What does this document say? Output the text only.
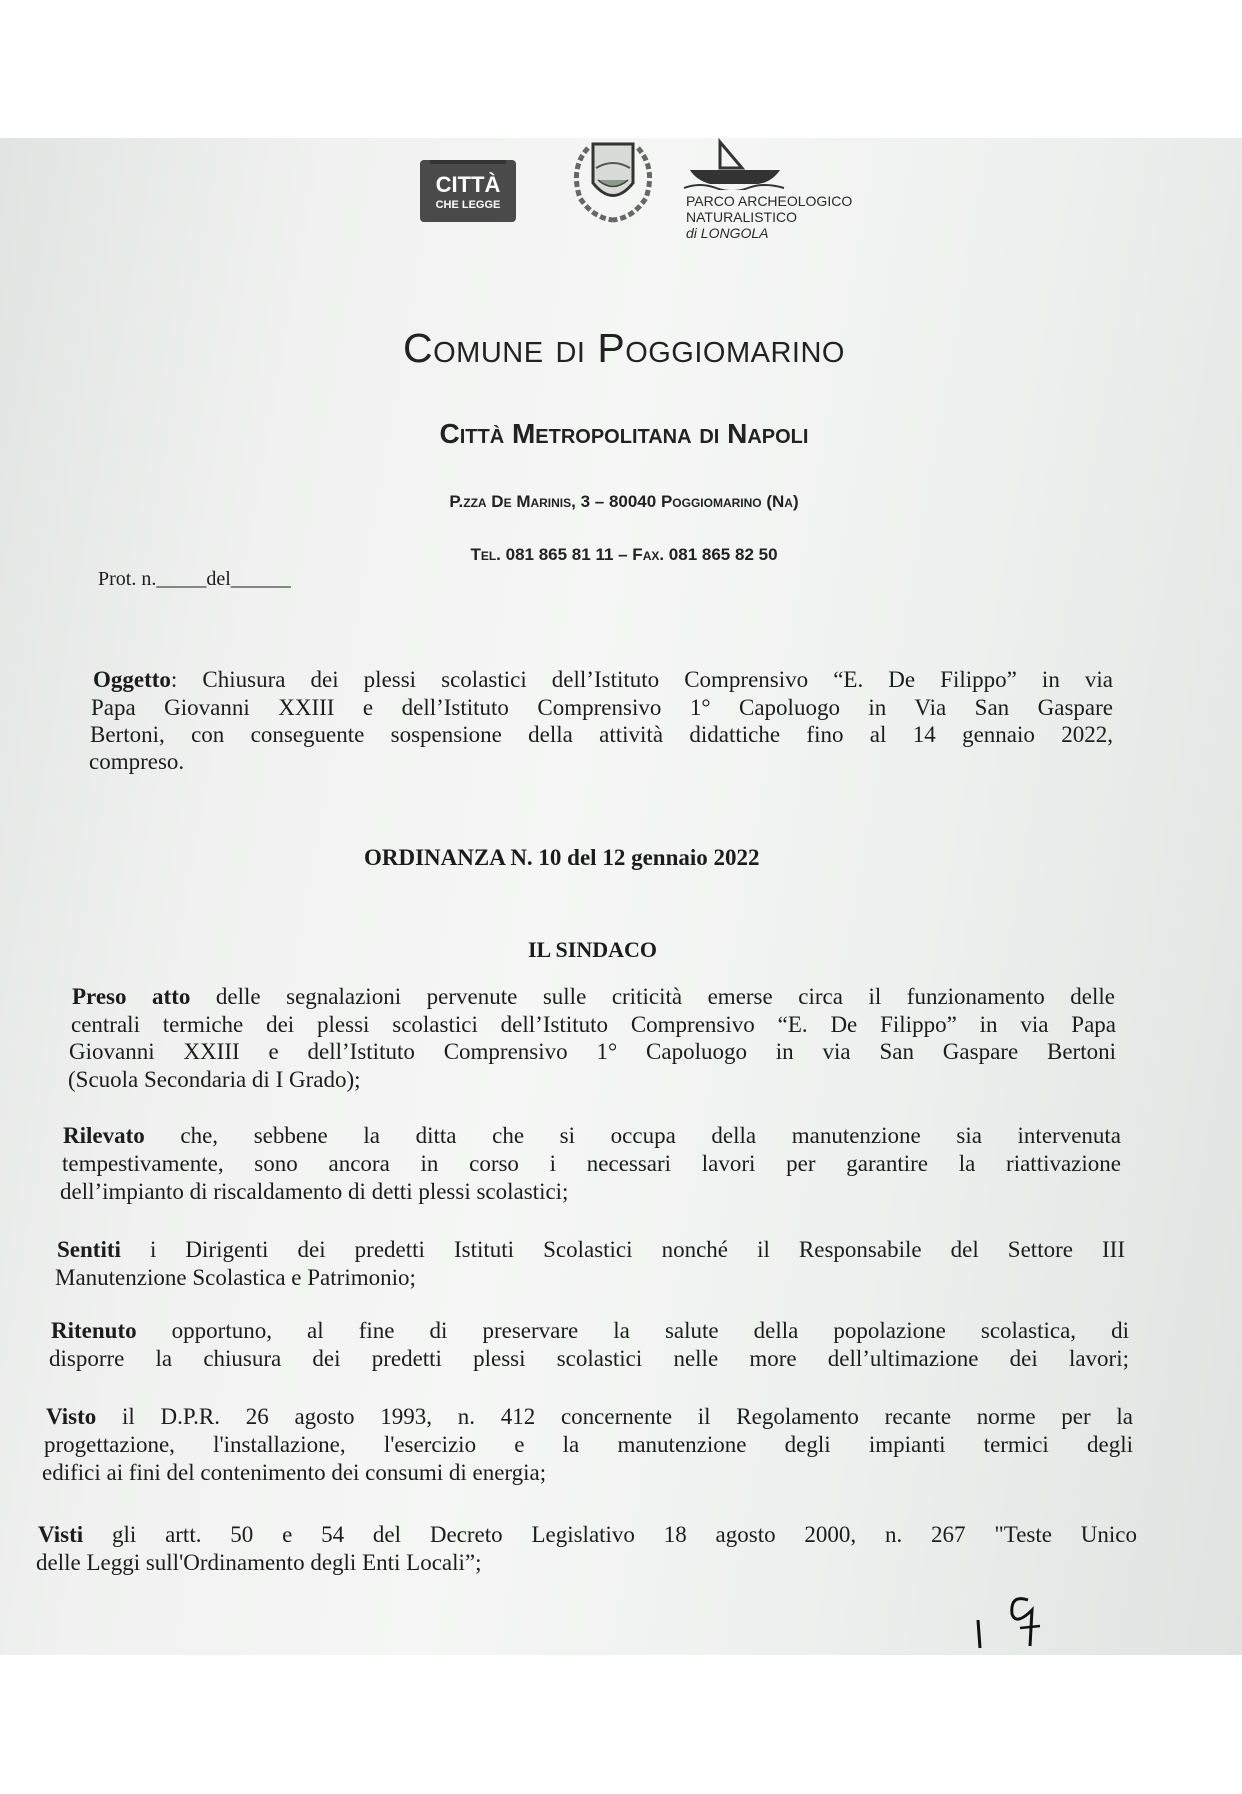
CITTÀ
CHE LEGGE	PARCO ARCHEOLOGICO
NATURALISTICO
di LONGOLA
Comune di Poggiomarino
Città Metropolitana di Napoli
P.zza De Marinis, 3 – 80040 Poggiomarino (Na)
Tel. 081 865 81 11 – Fax. 081 865 82 50
Prot. n._____del______
Oggetto: Chiusura dei plessi scolastici dell’Istituto Comprensivo “E. De Filippo” in via
Papa Giovanni XXIII e dell’Istituto Comprensivo 1° Capoluogo in Via San Gaspare
Bertoni, con conseguente sospensione della attività didattiche fino al 14 gennaio 2022,
compreso.
ORDINANZA N. 10 del 12 gennaio 2022
IL SINDACO
Preso atto delle segnalazioni pervenute sulle criticità emerse circa il funzionamento delle
centrali termiche dei plessi scolastici dell’Istituto Comprensivo “E. De Filippo” in via Papa
Giovanni XXIII e dell’Istituto Comprensivo 1° Capoluogo in via San Gaspare Bertoni
(Scuola Secondaria di I Grado);
Rilevato che, sebbene la ditta che si occupa della manutenzione sia intervenuta
tempestivamente, sono ancora in corso i necessari lavori per garantire la riattivazione
dell’impianto di riscaldamento di detti plessi scolastici;
Sentiti i Dirigenti dei predetti Istituti Scolastici nonché il Responsabile del Settore III
Manutenzione Scolastica e Patrimonio;
Ritenuto opportuno, al fine di preservare la salute della popolazione scolastica, di
disporre la chiusura dei predetti plessi scolastici nelle more dell’ultimazione dei lavori;
Visto il D.P.R. 26 agosto 1993, n. 412 concernente il Regolamento recante norme per la
progettazione, l'installazione, l'esercizio e la manutenzione degli impianti termici degli
edifici ai fini del contenimento dei consumi di energia;
Visti gli artt. 50 e 54 del Decreto Legislativo 18 agosto 2000, n. 267 "Teste Unico
delle Leggi sull'Ordinamento degli Enti Locali”;
